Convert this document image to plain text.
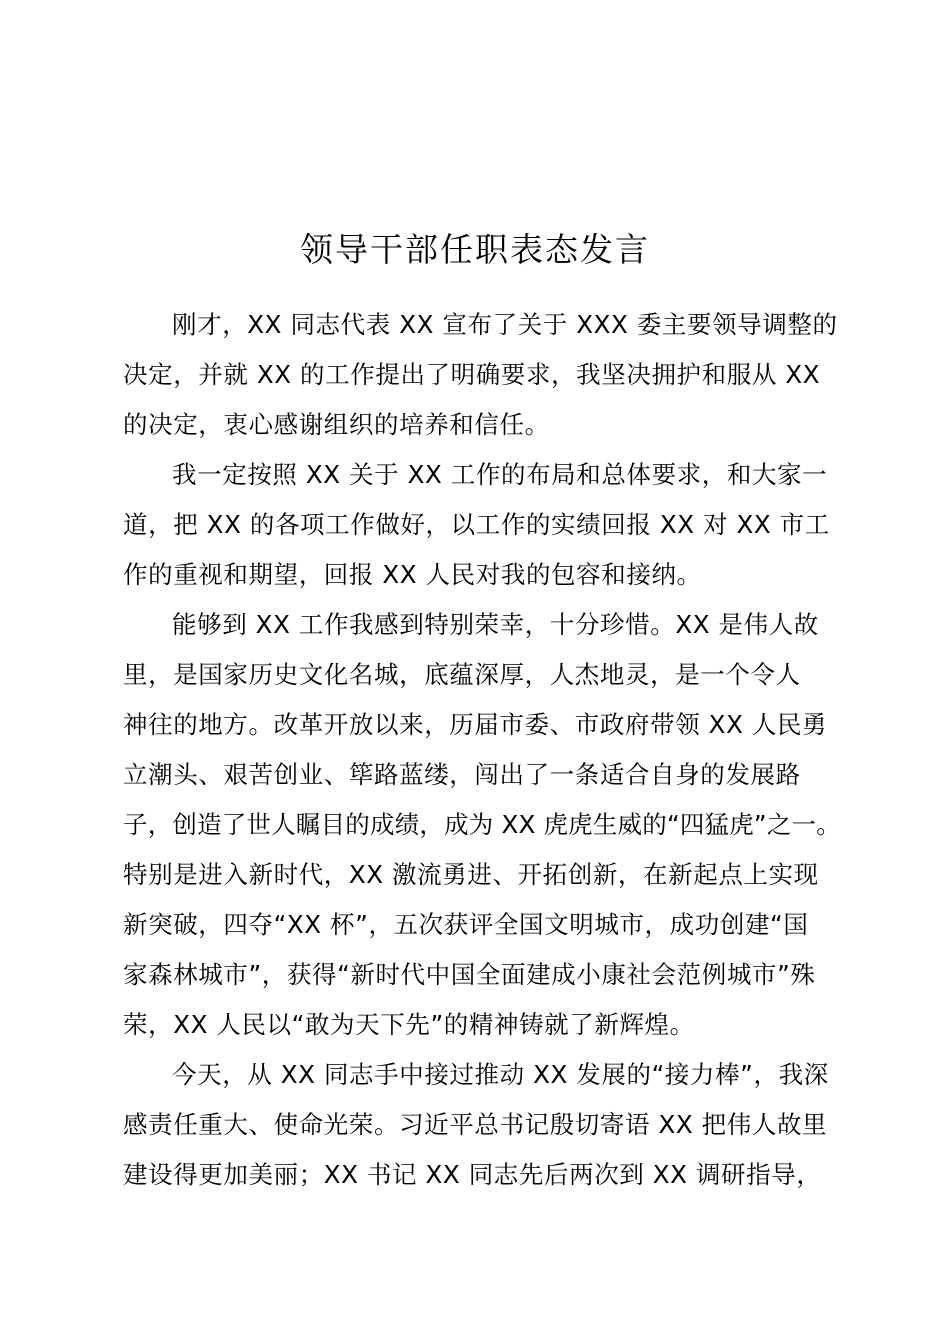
领导干部任职表态发言
刚才，XX 同志代表 XX 宣布了关于 XXX 委主要领导调整的
决定，并就 XX 的工作提出了明确要求，我坚决拥护和服从 XX
的决定，衷心感谢组织的培养和信任。
我一定按照 XX 关于 XX 工作的布局和总体要求，和大家一
道，把 XX 的各项工作做好，以工作的实绩回报 XX 对 XX 市工
作的重视和期望，回报 XX 人民对我的包容和接纳。
能够到 XX 工作我感到特别荣幸，十分珍惜。XX 是伟人故
里，是国家历史文化名城，底蕴深厚，人杰地灵，是一个令人
神往的地方。改革开放以来，历届市委、市政府带领 XX 人民勇
立潮头、艰苦创业、筚路蓝缕，闯出了一条适合自身的发展路
子，创造了世人瞩目的成绩，成为 XX 虎虎生威的“四猛虎”之一。
特别是进入新时代，XX 激流勇进、开拓创新，在新起点上实现
新突破，四夺“XX 杯”，五次获评全国文明城市，成功创建“国
家森林城市”，获得“新时代中国全面建成小康社会范例城市”殊
荣，XX 人民以“敢为天下先”的精神铸就了新辉煌。
今天，从 XX 同志手中接过推动 XX 发展的“接力棒”，我深
感责任重大、使命光荣。习近平总书记殷切寄语 XX 把伟人故里
建设得更加美丽；XX 书记 XX 同志先后两次到 XX 调研指导，
